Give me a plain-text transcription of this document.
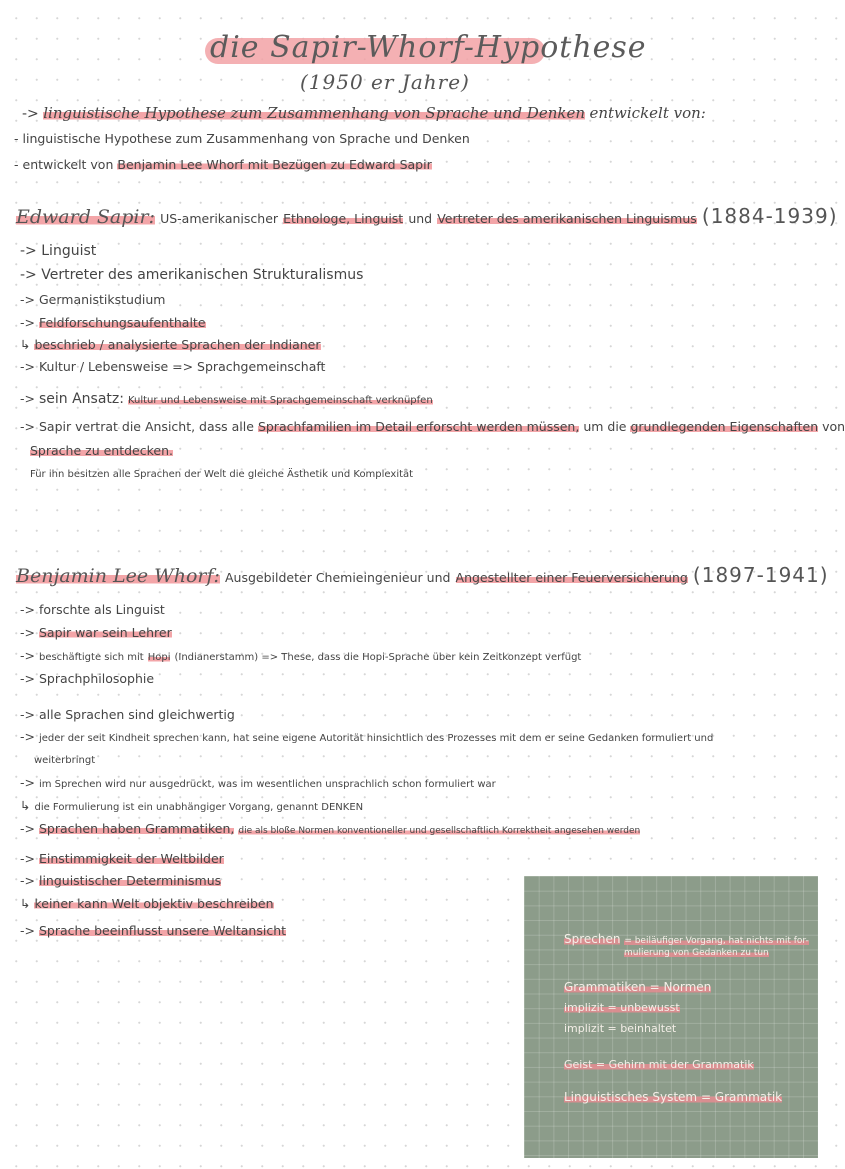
die Sapir-Whorf-Hypothese
(1950 er Jahre)
-> linguistische Hypothese zum Zusammenhang von Sprache und Denken entwickelt von:
- linguistische Hypothese zum Zusammenhang von Sprache und Denken
- entwickelt von Benjamin Lee Whorf mit Bezügen zu Edward Sapir
Edward Sapir: US-amerikanischer Ethnologe, Linguist und Vertreter des amerikanischen Linguismus (1884-1939)
-> Linguist
-> Vertreter des amerikanischen Strukturalismus
-> Germanistikstudium
-> Feldforschungsaufenthalte
↳ beschrieb / analysierte Sprachen der Indianer
-> Kultur / Lebensweise => Sprachgemeinschaft
-> sein Ansatz: Kultur und Lebensweise mit Sprachgemeinschaft verknüpfen
-> Sapir vertrat die Ansicht, dass alle Sprachfamilien im Detail erforscht werden müssen, um die grundlegenden Eigenschaften von
Sprache zu entdecken.
Für ihn besitzen alle Sprachen der Welt die gleiche Ästhetik und Komplexität
Benjamin Lee Whorf: Ausgebildeter Chemieingenieur und Angestellter einer Feuerversicherung (1897-1941)
-> forschte als Linguist
-> Sapir war sein Lehrer
-> beschäftigte sich mit Hopi (Indianerstamm) => These, dass die Hopi-Sprache über kein Zeitkonzept verfügt
-> Sprachphilosophie
-> alle Sprachen sind gleichwertig
-> jeder der seit Kindheit sprechen kann, hat seine eigene Autorität hinsichtlich des Prozesses mit dem er seine Gedanken formuliert und
weiterbringt
-> im Sprechen wird nur ausgedrückt, was im wesentlichen unsprachlich schon formuliert war
↳ die Formulierung ist ein unabhängiger Vorgang, genannt DENKEN
-> Sprachen haben Grammatiken, die als bloße Normen konventioneller und gesellschaftlich Korrektheit angesehen werden
-> Einstimmigkeit der Weltbilder
-> linguistischer Determinismus
↳ keiner kann Welt objektiv beschreiben
-> Sprache beeinflusst unsere Weltansicht
Sprechen = beiläufiger Vorgang, hat nichts mit for-
mulierung von Gedanken zu tun
Grammatiken = Normen
implizit = unbewusst
implizit = beinhaltet
Geist = Gehirn mit der Grammatik
Linguistisches System = Grammatik
